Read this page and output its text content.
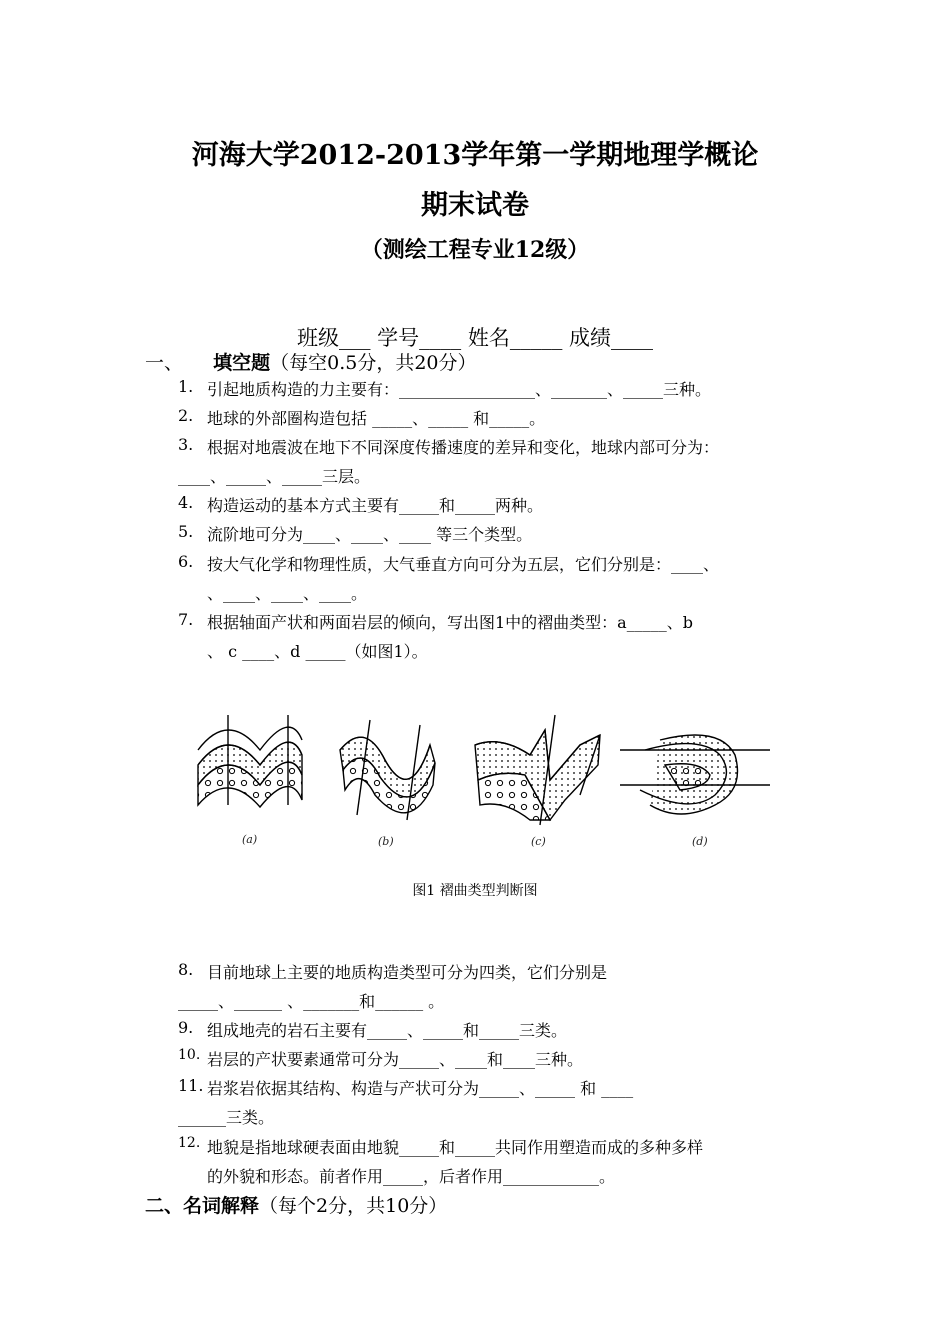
河海大学2012-2013学年第一学期地理学概论
期末试卷
（测绘工程专业12级）
班级___ 学号____ 姓名_____ 成绩____
一、 填空题（每空0.5分，共20分）
1. 引起地质构造的力主要有：_________________、_______、_____三种。
2. 地球的外部圈构造包括 _____、_____ 和_____。
3. 根据对地震波在地下不同深度传播速度的差异和变化，地球内部可分为：
____、_____、_____三层。
4. 构造运动的基本方式主要有_____和_____两种。
5. 流阶地可分为____、____、____ 等三个类型。
6. 按大气化学和物理性质，大气垂直方向可分为五层，它们分别是：____、
、____、____、____。
7. 根据轴面产状和两面岩层的倾向，写出图1中的褶曲类型：a_____、b
、 c ____、d _____（如图1）。
(a)	(b)	(c)	(d)
图1 褶曲类型判断图
8. 目前地球上主要的地质构造类型可分为四类，它们分别是
_____、______ 、_______和______ 。
9. 组成地壳的岩石主要有_____、_____和_____三类。
10. 岩层的产状要素通常可分为_____、____和____三种。
11. 岩浆岩依据其结构、构造与产状可分为_____、_____ 和 ____
______三类。
12. 地貌是指地球硬表面由地貌_____和_____共同作用塑造而成的多种多样
的外貌和形态。前者作用_____，后者作用____________。
二、名词解释（每个2分，共10分）
